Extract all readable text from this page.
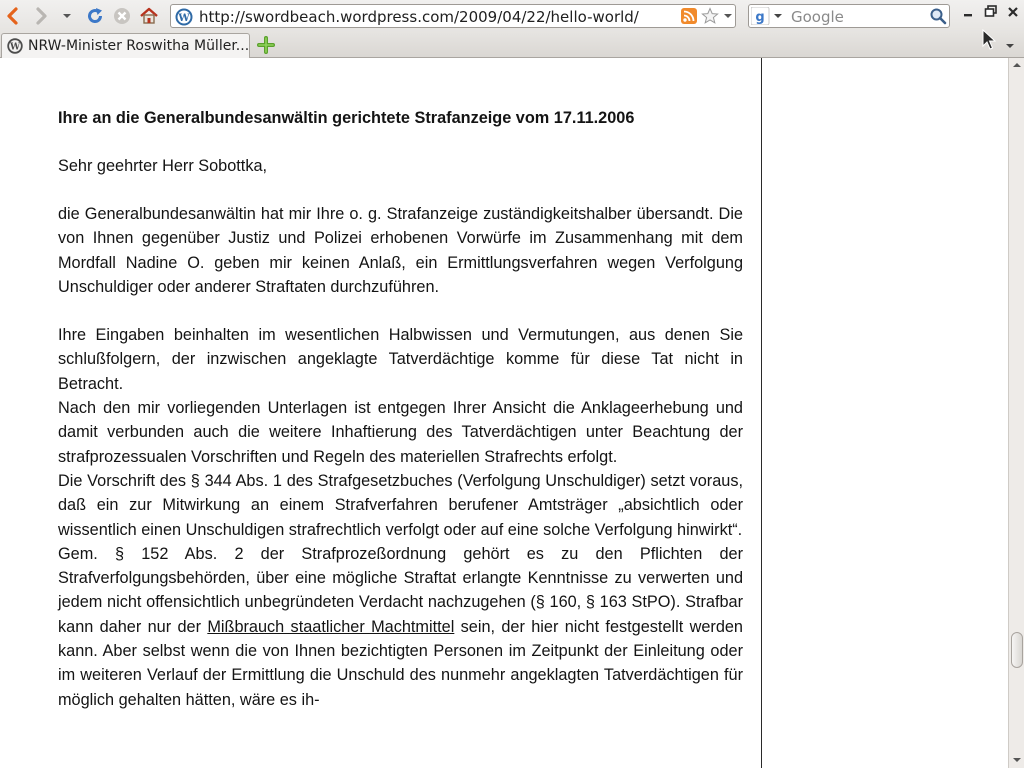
W http://swordbeach.wordpress.com/2009/04/22/hello-world/	g Google
W NRW-Minister Roswitha Müller...
Ihre an die Generalbundesanwältin gerichtete Strafanzeige vom 17.11.2006
Sehr geehrter Herr Sobottka,

die Generalbundesanwältin hat mir Ihre o. g. Strafanzeige zuständigkeitshalber übersandt. Die von Ihnen gegenüber Justiz und Polizei erhobenen Vorwürfe im Zusammenhang mit dem Mordfall Nadine O. geben mir keinen Anlaß, ein Ermittlungsverfahren wegen Verfolgung Unschuldiger oder anderer Straftaten durchzuführen.

Ihre Eingaben beinhalten im wesentlichen Halbwissen und Vermutungen, aus denen Sie schlußfolgern, der inzwischen angeklagte Tatverdächtige komme für diese Tat nicht in Betracht.

Nach den mir vorliegenden Unterlagen ist entgegen Ihrer Ansicht die Anklageerhebung und damit verbunden auch die weitere Inhaftierung des Tatverdächtigen unter Beachtung der strafprozessualen Vorschriften und Regeln des materiellen Strafrechts erfolgt.

Die Vorschrift des § 344 Abs. 1 des Strafgesetzbuches (Verfolgung Unschuldiger) setzt voraus, daß ein zur Mitwirkung an einem Strafverfahren berufener Amtsträger „absichtlich oder wissentlich einen Unschuldigen strafrechtlich verfolgt oder auf eine solche Verfolgung hinwirkt“.

Gem. § 152 Abs. 2 der Strafprozeßordnung gehört es zu den Pflichten der Strafverfolgungsbehörden, über eine mögliche Straftat erlangte Kenntnisse zu verwerten und jedem nicht offensichtlich unbegründeten Verdacht nachzugehen (§ 160, § 163 StPO). Strafbar kann daher nur der Mißbrauch staatlicher Machtmittel sein, der hier nicht festgestellt werden kann. Aber selbst wenn die von Ihnen bezichtigten Personen im Zeitpunkt der Einleitung oder im weiteren Verlauf der Ermittlung die Unschuld des nunmehr angeklagten Tatverdächtigen für möglich gehalten hätten, wäre es ih-
